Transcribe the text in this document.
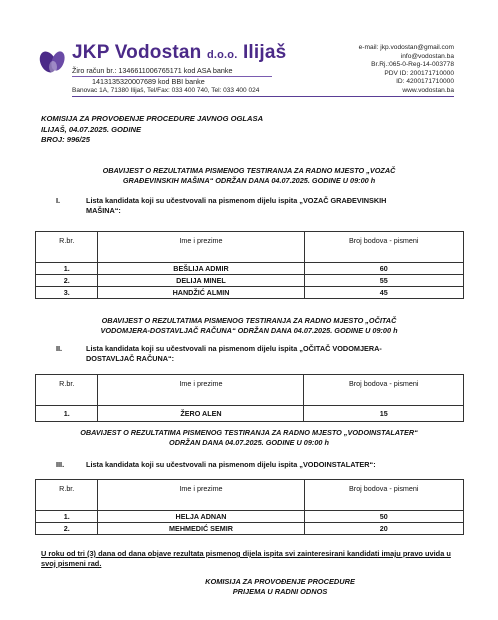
JKP Vodostan d.o.o. Ilijaš
Žiro račun br.: 1346611006765171 kod ASA banke
1413135320007689 kod BBI banke
Banovac 1A, 71380 Ilijaš, Tel/Fax: 033 400 740, Tel: 033 400 024
e-mail: jkp.vodostan@gmail.com
info@vodostan.ba
Br.Rj.:065-0-Reg-14-003778
PDV ID: 200171710000
ID: 4200171710000
www.vodostan.ba
KOMISIJA ZA PROVOĐENJE PROCEDURE JAVNOG OGLASA
ILIJAŠ, 04.07.2025. GODINE
BROJ: 996/25
OBAVIJEST O REZULTATIMA PISMENOG TESTIRANJA ZA RADNO MJESTO „VOZAČ
GRAĐEVINSKIH MAŠINA“ ODRŽAN DANA 04.07.2025. GODINE U 09:00 h
I.	Lista kandidata koji su učestvovali na pismenom dijelu ispita „VOZAČ GRAĐEVINSKIH
MAŠINA“:
R.br.	Ime i prezime	Broj bodova - pismeni
1.	BEŠLIJA ADMIR	60
2.	DELIJA MINEL	55
3.	HANDŽIĆ ALMIN	45
OBAVIJEST O REZULTATIMA PISMENOG TESTIRANJA ZA RADNO MJESTO „OČITAČ
VODOMJERA-DOSTAVLJAČ RAČUNA“ ODRŽAN DANA 04.07.2025. GODINE U 09:00 h
II.	Lista kandidata koji su učestvovali na pismenom dijelu ispita „OČITAČ VODOMJERA-
DOSTAVLJAČ RAČUNA“:
R.br.	Ime i prezime	Broj bodova - pismeni
1.	ŽERO ALEN	15
OBAVIJEST O REZULTATIMA PISMENOG TESTIRANJA ZA RADNO MJESTO „VODOINSTALATER“
ODRŽAN DANA 04.07.2025. GODINE U 09:00 h
III.	Lista kandidata koji su učestvovali na pismenom dijelu ispita „VODOINSTALATER“:
R.br.	Ime i prezime	Broj bodova - pismeni
1.	HELJA ADNAN	50
2.	MEHMEDIĆ SEMIR	20
U roku od tri (3) dana od dana objave rezultata pismenog dijela ispita svi zainteresirani kandidati imaju pravo uvida u svoj pismeni rad.
KOMISIJA ZA PROVOĐENJE PROCEDURE
PRIJEMA U RADNI ODNOS
